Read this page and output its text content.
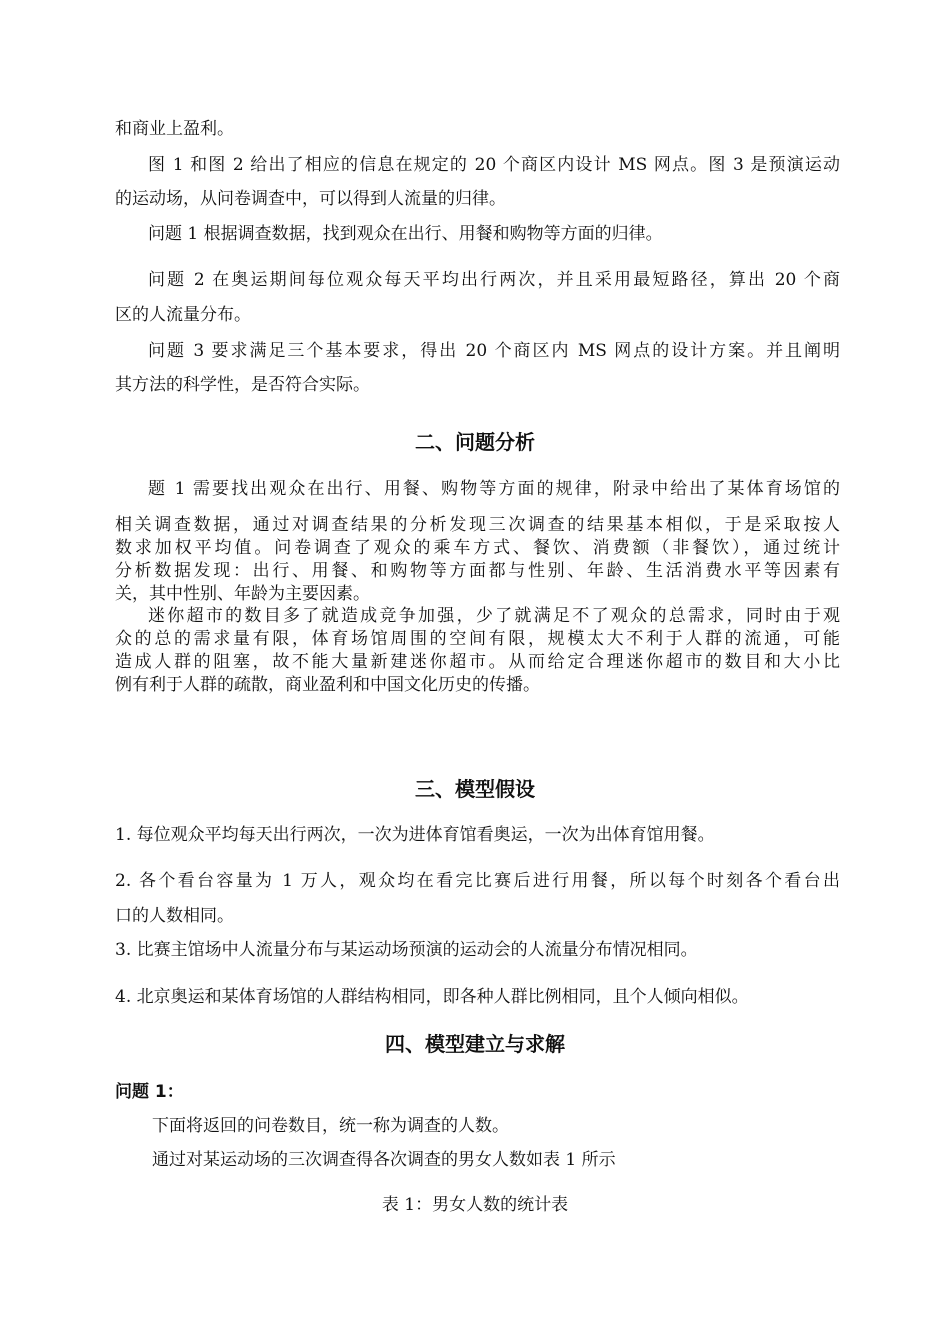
和商业上盈利。
图 1 和图 2 给出了相应的信息在规定的 20 个商区内设计 MS 网点。图 3 是预演运动
的运动场，从问卷调查中，可以得到人流量的归律。
问题 1 根据调查数据，找到观众在出行、用餐和购物等方面的归律。
问题 2 在奥运期间每位观众每天平均出行两次，并且采用最短路径，算出 20 个商
区的人流量分布。
问题 3 要求满足三个基本要求，得出 20 个商区内 MS 网点的设计方案。并且阐明
其方法的科学性，是否符合实际。
二、问题分析
题 1 需要找出观众在出行、用餐、购物等方面的规律，附录中给出了某体育场馆的
相关调查数据，通过对调查结果的分析发现三次调查的结果基本相似，于是采取按人
数求加权平均值。问卷调查了观众的乘车方式、餐饮、消费额（非餐饮），通过统计
分析数据发现：出行、用餐、和购物等方面都与性别、年龄、生活消费水平等因素有
关，其中性别、年龄为主要因素。
迷你超市的数目多了就造成竞争加强，少了就满足不了观众的总需求，同时由于观
众的总的需求量有限，体育场馆周围的空间有限，规模太大不利于人群的流通，可能
造成人群的阻塞，故不能大量新建迷你超市。从而给定合理迷你超市的数目和大小比
例有利于人群的疏散，商业盈利和中国文化历史的传播。
三、模型假设
1. 每位观众平均每天出行两次，一次为进体育馆看奥运，一次为出体育馆用餐。
2. 各个看台容量为 1 万人，观众均在看完比赛后进行用餐，所以每个时刻各个看台出
口的人数相同。
3. 比赛主馆场中人流量分布与某运动场预演的运动会的人流量分布情况相同。
4. 北京奥运和某体育场馆的人群结构相同，即各种人群比例相同，且个人倾向相似。
四、模型建立与求解
问题 1：
下面将返回的问卷数目，统一称为调查的人数。
通过对某运动场的三次调查得各次调查的男女人数如表 1 所示
表 1：男女人数的统计表
